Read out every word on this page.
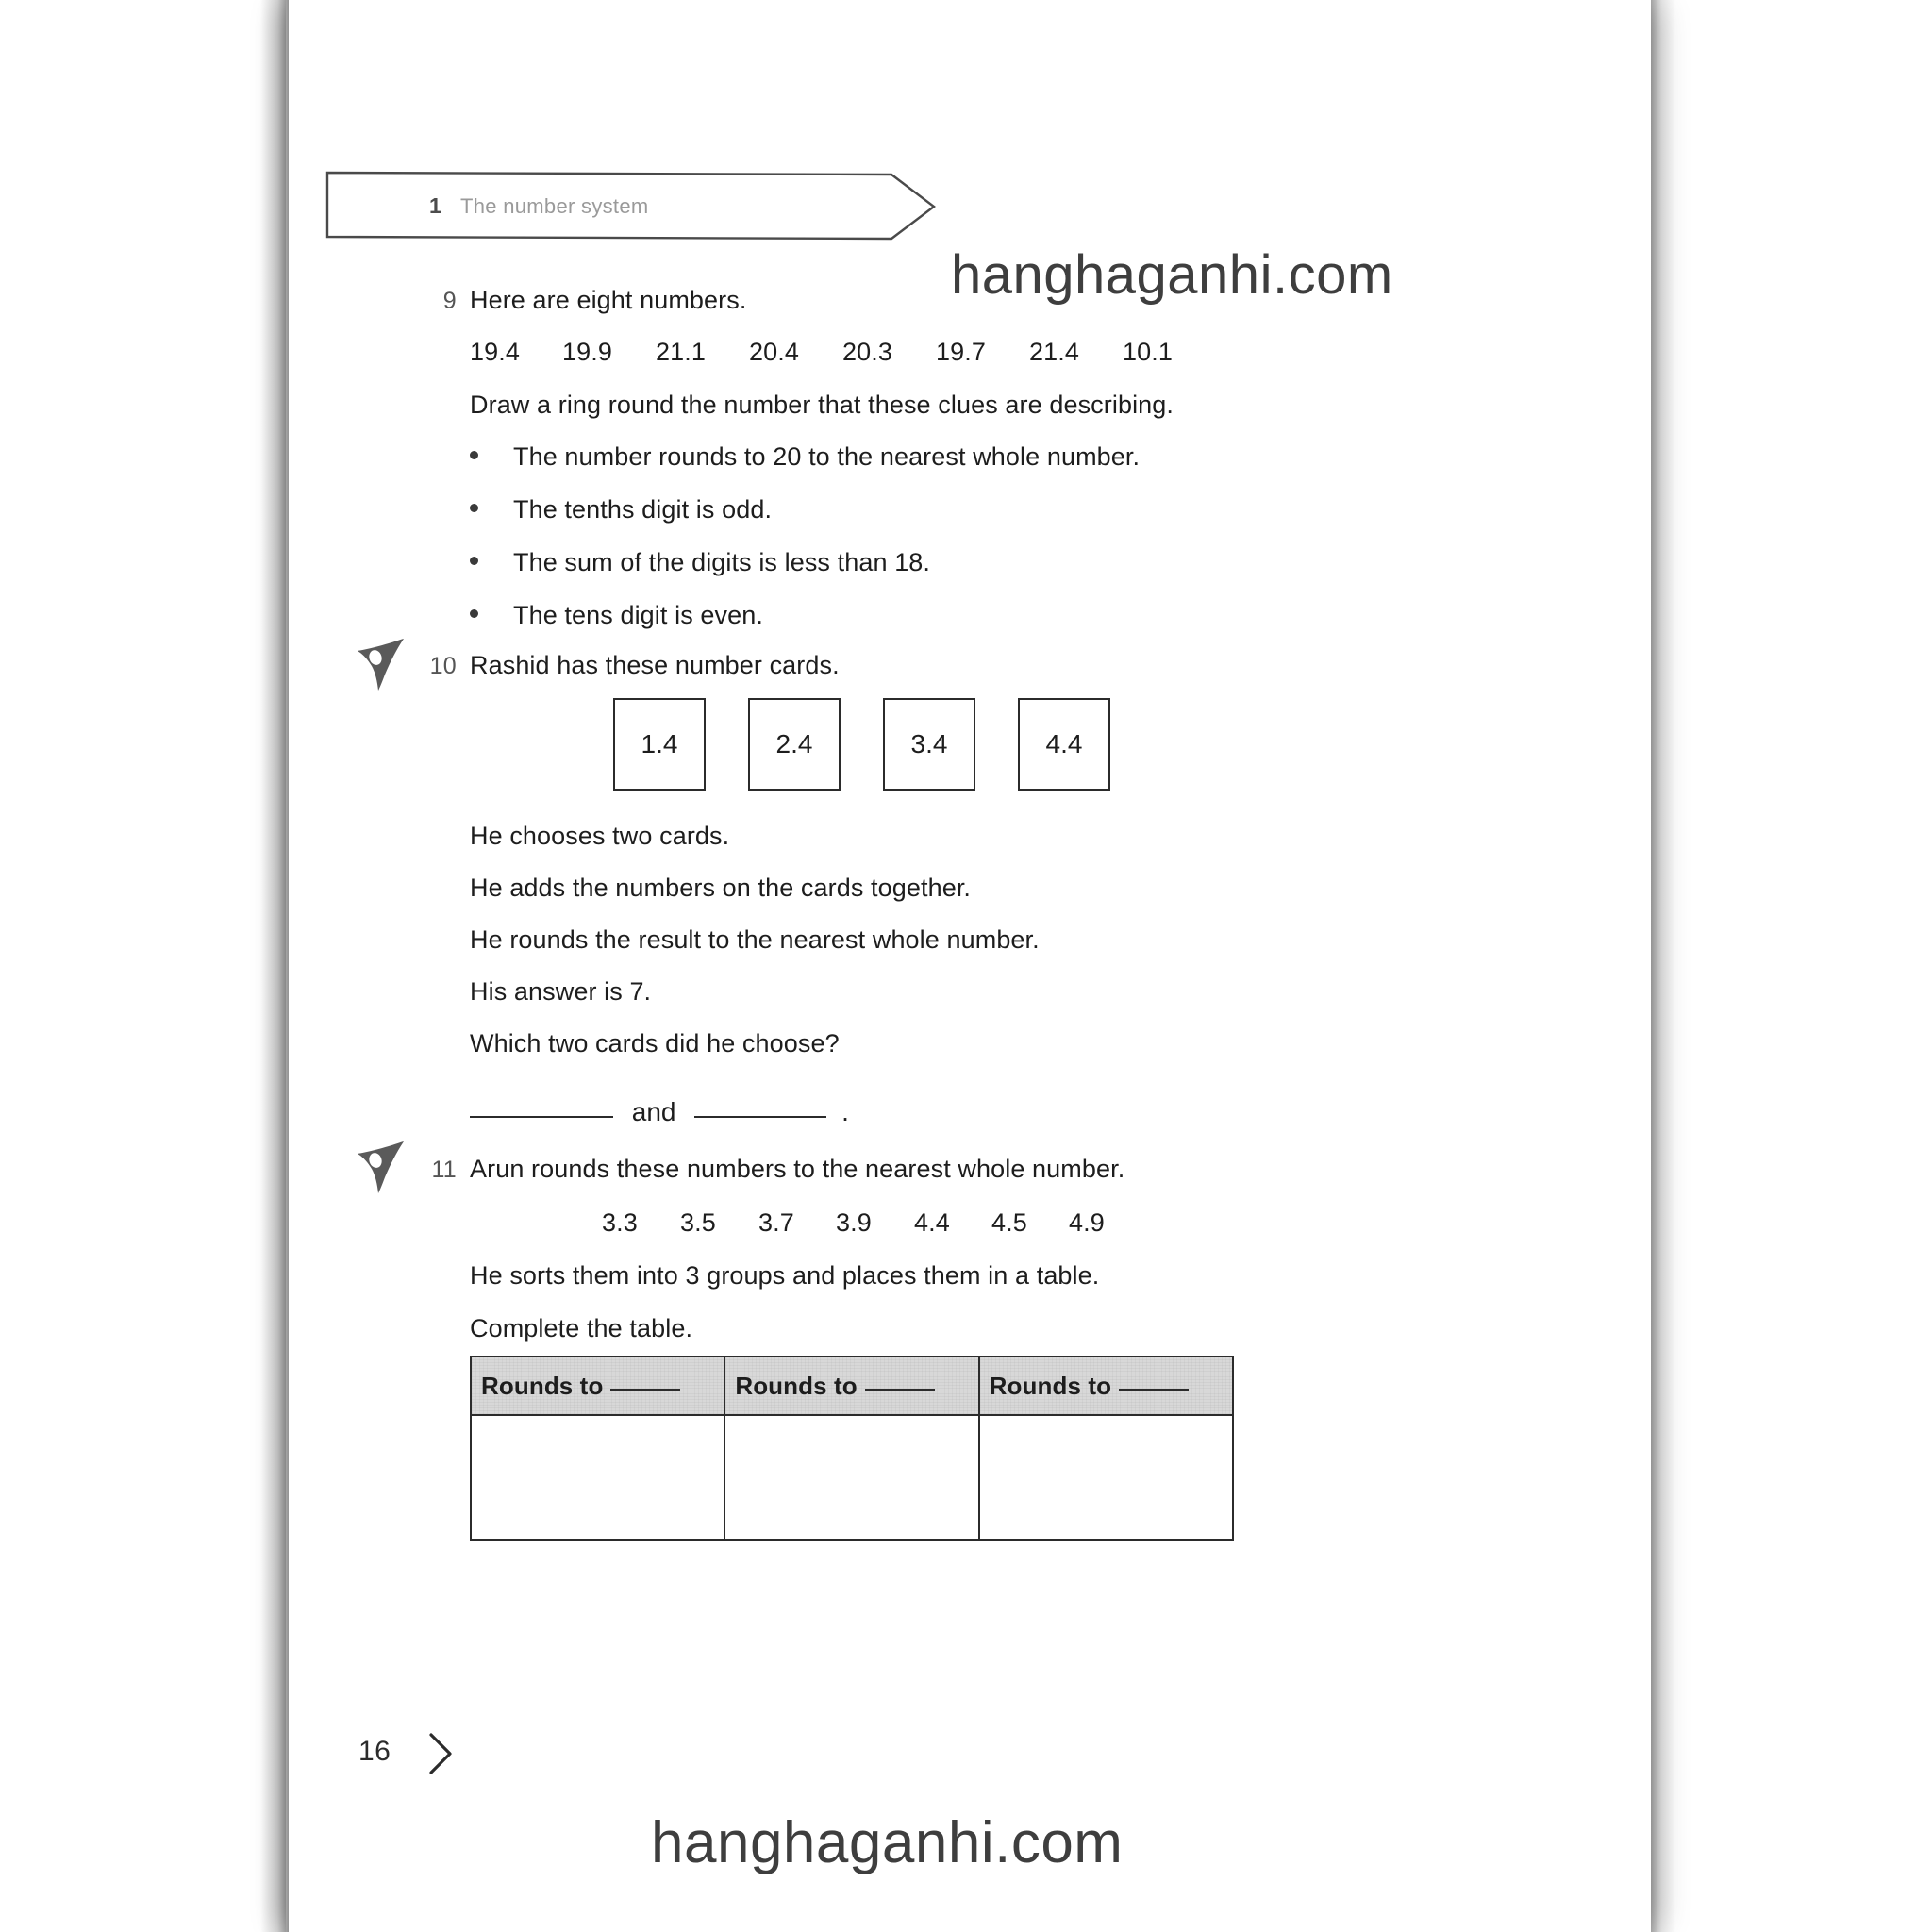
1 The number system
9 Here are eight numbers.
19.4 19.9 21.1 20.4 20.3 19.7 21.4 10.1
Draw a ring round the number that these clues are describing.
The number rounds to 20 to the nearest whole number.
The tenths digit is odd.
The sum of the digits is less than 18.
The tens digit is even.
10 Rashid has these number cards.
1.4	2.4	3.4	4.4
He chooses two cards.
He adds the numbers on the cards together.
He rounds the result to the nearest whole number.
His answer is 7.
Which two cards did he choose?
and	.
11 Arun rounds these numbers to the nearest whole number.
3.3 3.5 3.7 3.9 4.4 4.5 4.9
He sorts them into 3 groups and places them in a table.
Complete the table.
Rounds to	Rounds to	Rounds to

16
hanghaganhi.com
hanghaganhi.com
